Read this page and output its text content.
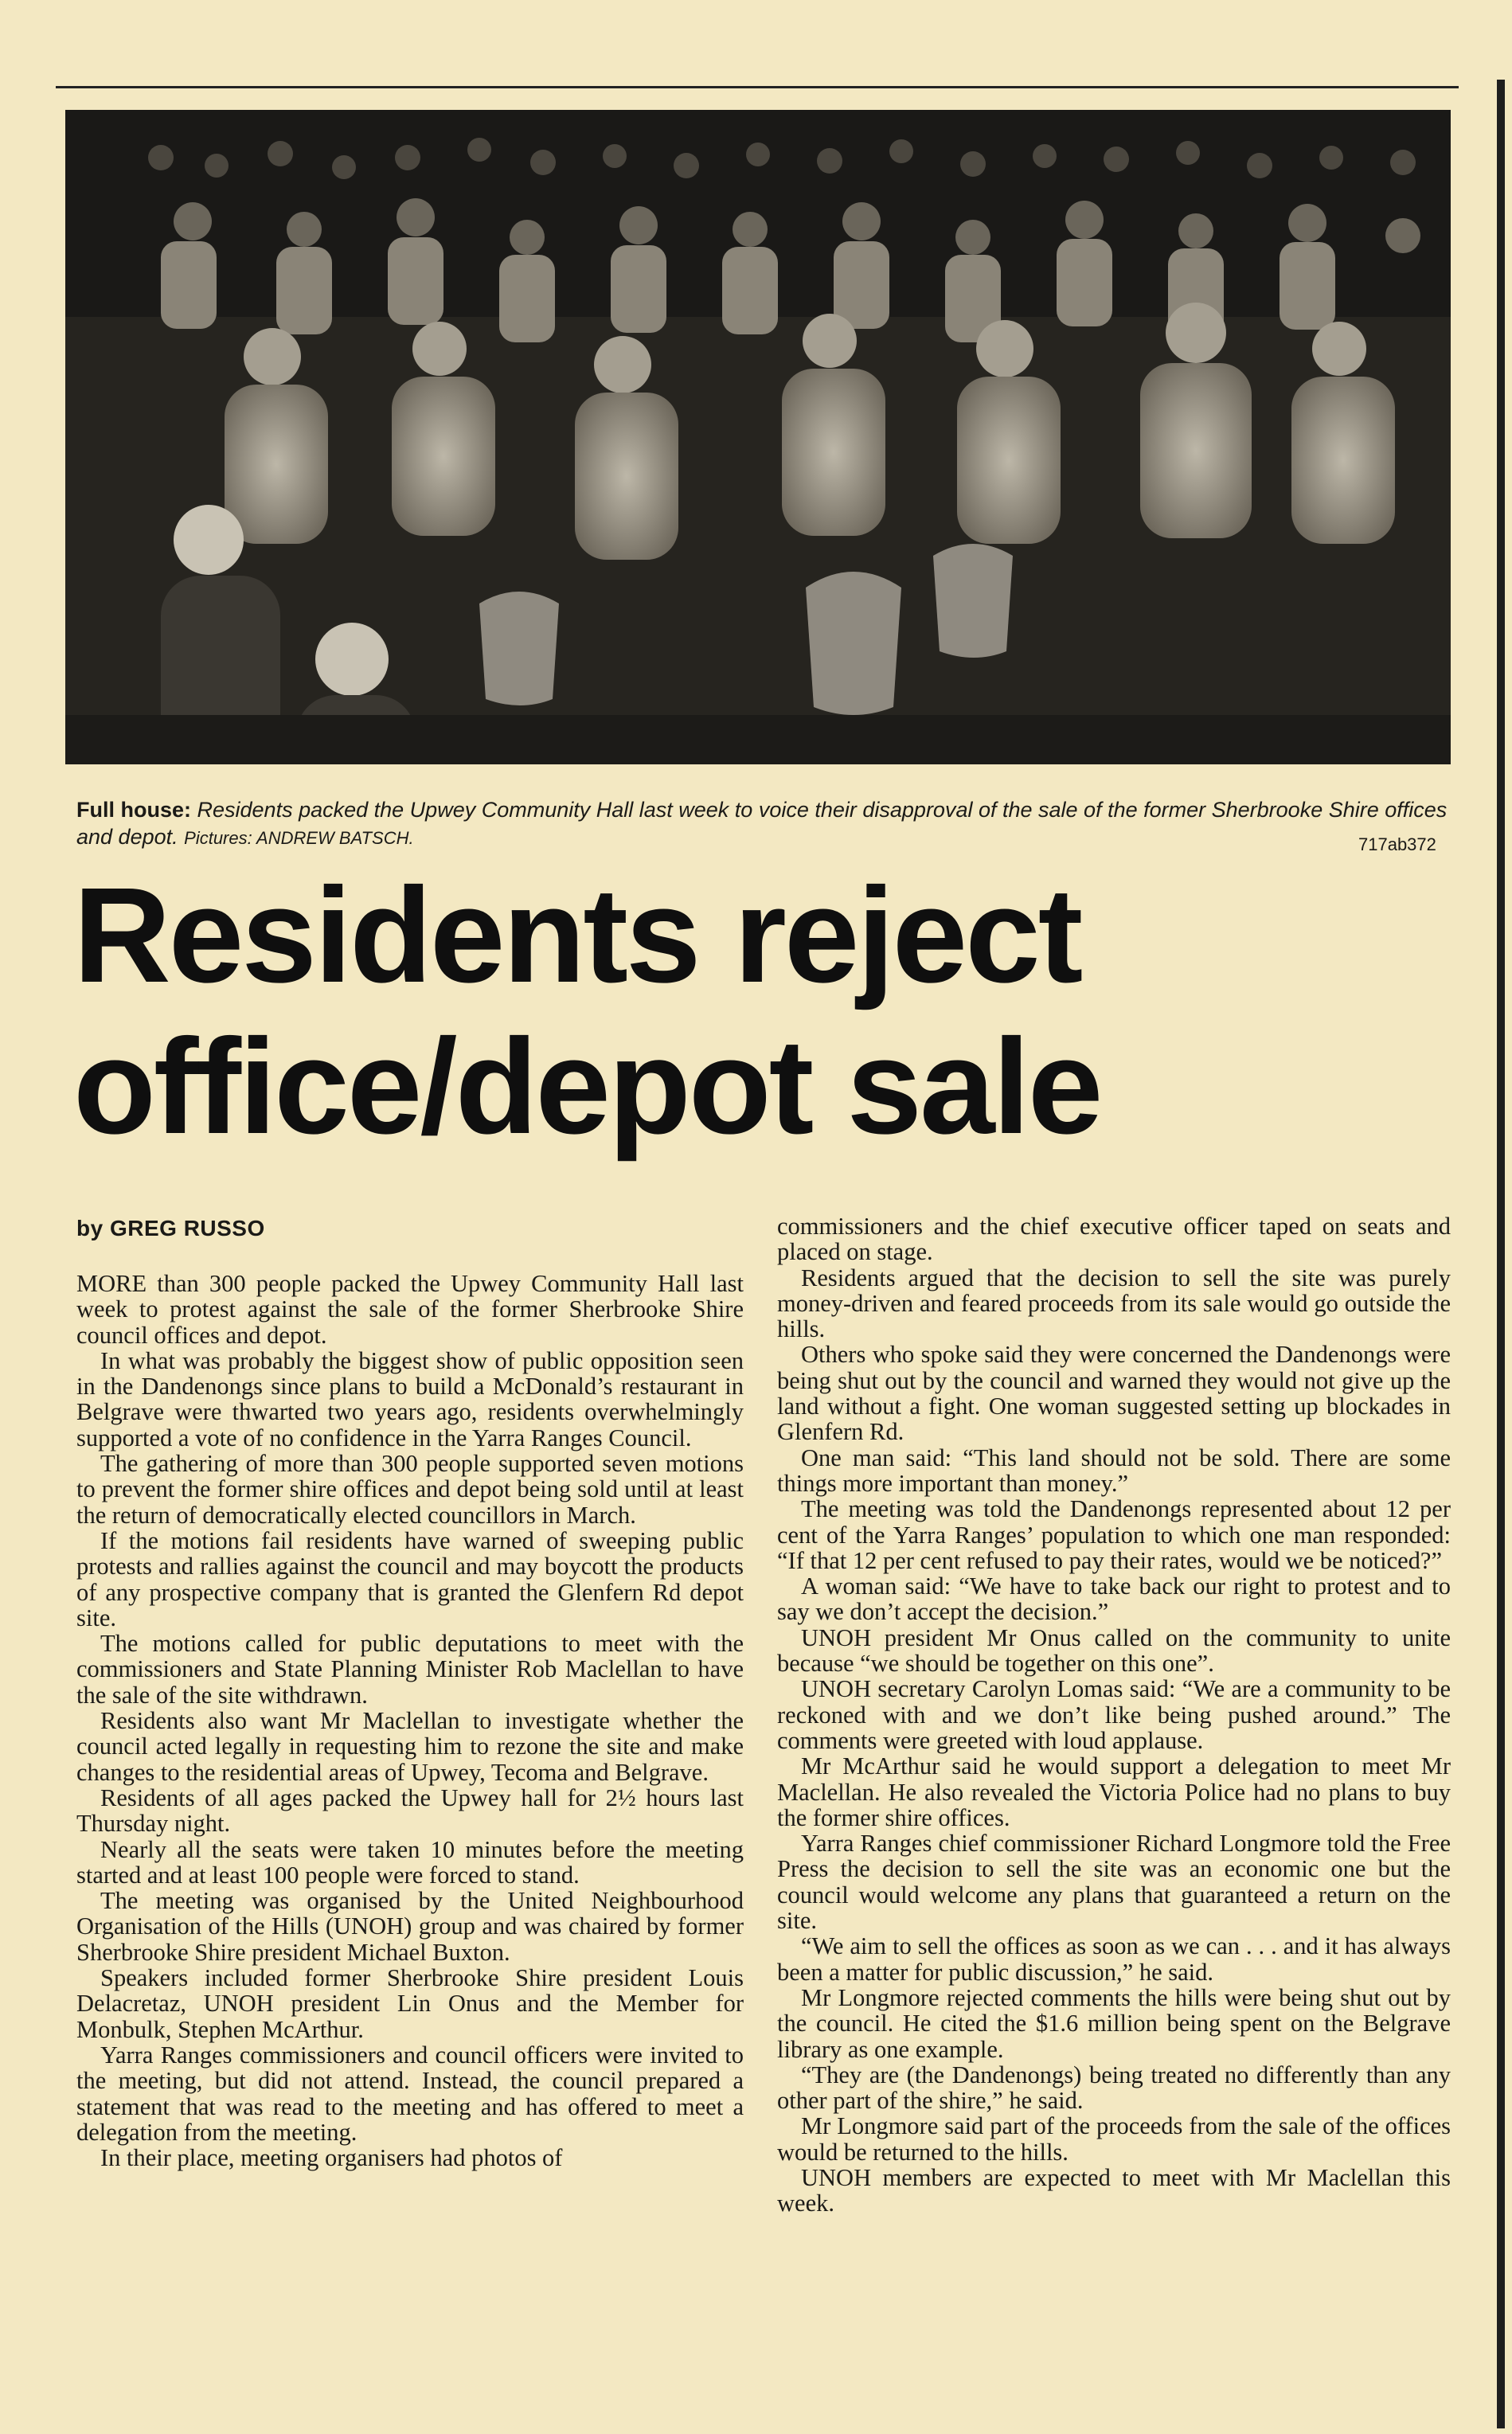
Full house: Residents packed the Upwey Community Hall last week to voice their disapproval of the sale of the former Sherbrooke Shire offices and depot. Pictures: ANDREW BATSCH.	717ab372
Residents reject
office/depot sale
by GREG RUSSO

MORE than 300 people packed the Upwey Community Hall last week to protest against the sale of the former Sherbrooke Shire council offices and depot.

In what was probably the biggest show of public opposition seen in the Dandenongs since plans to build a McDonald’s restaurant in Belgrave were thwarted two years ago, residents overwhelmingly supported a vote of no confidence in the Yarra Ranges Council.

The gathering of more than 300 people supported seven motions to prevent the former shire offices and depot being sold until at least the return of democratically elected councillors in March.

If the motions fail residents have warned of sweeping public protests and rallies against the council and may boycott the products of any prospective company that is granted the Glenfern Rd depot site.

The motions called for public deputations to meet with the commissioners and State Planning Minister Rob Maclellan to have the sale of the site withdrawn.

Residents also want Mr Maclellan to investigate whether the council acted legally in requesting him to rezone the site and make changes to the residential areas of Upwey, Tecoma and Belgrave.

Residents of all ages packed the Upwey hall for 2½ hours last Thursday night.

Nearly all the seats were taken 10 minutes before the meeting started and at least 100 people were forced to stand.

The meeting was organised by the United Neighbourhood Organisation of the Hills (UNOH) group and was chaired by former Sherbrooke Shire president Michael Buxton.

Speakers included former Sherbrooke Shire president Louis Delacretaz, UNOH president Lin Onus and the Member for Monbulk, Stephen McArthur.

Yarra Ranges commissioners and council officers were invited to the meeting, but did not attend. Instead, the council prepared a statement that was read to the meeting and has offered to meet a delegation from the meeting.

In their place, meeting organisers had photos of

commissioners and the chief executive officer taped on seats and placed on stage.

Residents argued that the decision to sell the site was purely money-driven and feared proceeds from its sale would go outside the hills.

Others who spoke said they were concerned the Dandenongs were being shut out by the council and warned they would not give up the land without a fight. One woman suggested setting up blockades in Glenfern Rd.

One man said: “This land should not be sold. There are some things more important than money.”

The meeting was told the Dandenongs represented about 12 per cent of the Yarra Ranges’ population to which one man responded: “If that 12 per cent refused to pay their rates, would we be noticed?”

A woman said: “We have to take back our right to protest and to say we don’t accept the decision.”

UNOH president Mr Onus called on the community to unite because “we should be together on this one”.

UNOH secretary Carolyn Lomas said: “We are a community to be reckoned with and we don’t like being pushed around.” The comments were greeted with loud applause.

Mr McArthur said he would support a delegation to meet Mr Maclellan. He also revealed the Victoria Police had no plans to buy the former shire offices.

Yarra Ranges chief commissioner Richard Longmore told the Free Press the decision to sell the site was an economic one but the council would welcome any plans that guaranteed a return on the site.

“We aim to sell the offices as soon as we can . . . and it has always been a matter for public discussion,” he said.

Mr Longmore rejected comments the hills were being shut out by the council. He cited the $1.6 million being spent on the Belgrave library as one example.

“They are (the Dandenongs) being treated no differently than any other part of the shire,” he said.

Mr Longmore said part of the proceeds from the sale of the offices would be returned to the hills.

UNOH members are expected to meet with Mr Maclellan this week.
